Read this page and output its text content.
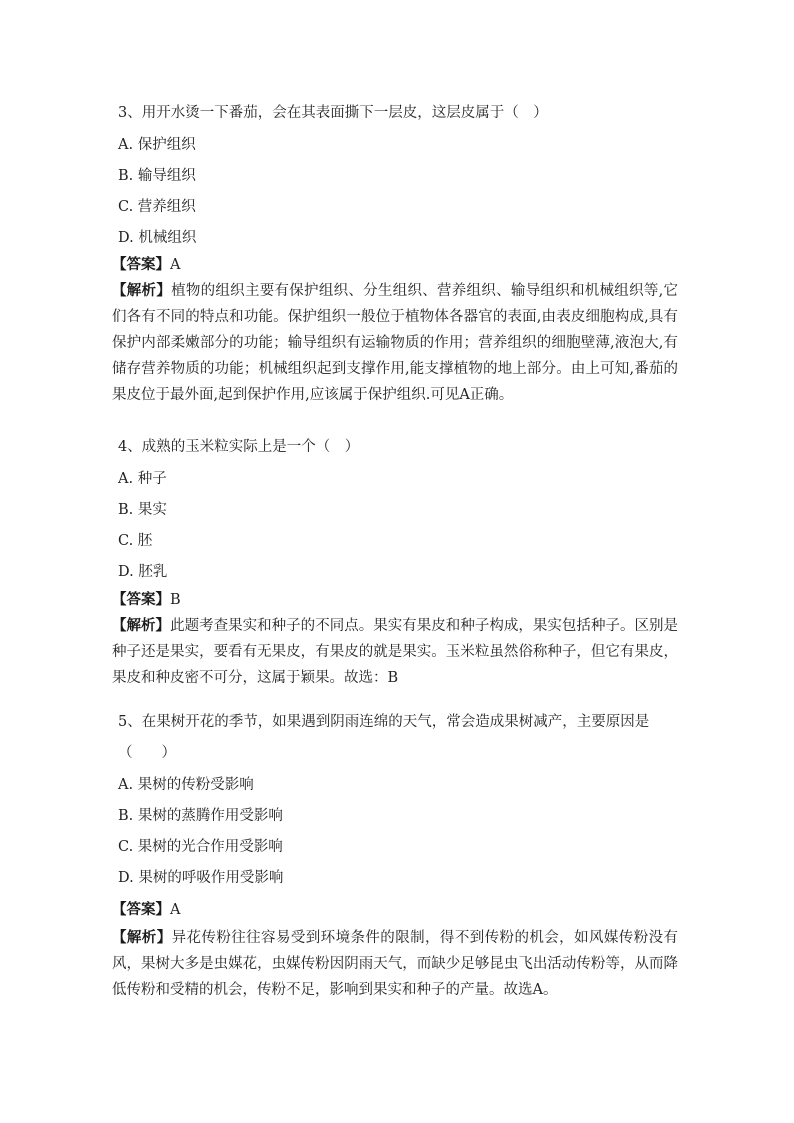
3、用开水烫一下番茄，会在其表面撕下一层皮，这层皮属于（　）
A. 保护组织
B. 输导组织
C. 营养组织
D. 机械组织
【答案】A
【解析】植物的组织主要有保护组织、分生组织、营养组织、输导组织和机械组织等,它们各有不同的特点和功能。保护组织一般位于植物体各器官的表面,由表皮细胞构成,具有保护内部柔嫩部分的功能；输导组织有运输物质的作用；营养组织的细胞壁薄,液泡大,有储存营养物质的功能；机械组织起到支撑作用,能支撑植物的地上部分。由上可知,番茄的果皮位于最外面,起到保护作用,应该属于保护组织.可见A正确。
4、成熟的玉米粒实际上是一个（　）
A. 种子
B. 果实
C. 胚
D. 胚乳
【答案】B
【解析】此题考查果实和种子的不同点。果实有果皮和种子构成，果实包括种子。区别是种子还是果实，要看有无果皮，有果皮的就是果实。玉米粒虽然俗称种子，但它有果皮，果皮和种皮密不可分，这属于颖果。故选：B
5、在果树开花的季节，如果遇到阴雨连绵的天气，常会造成果树减产，主要原因是
（　　）
A. 果树的传粉受影响
B. 果树的蒸腾作用受影响
C. 果树的光合作用受影响
D. 果树的呼吸作用受影响
【答案】A
【解析】异花传粉往往容易受到环境条件的限制，得不到传粉的机会，如风媒传粉没有风，果树大多是虫媒花，虫媒传粉因阴雨天气，而缺少足够昆虫飞出活动传粉等，从而降低传粉和受精的机会，传粉不足，影响到果实和种子的产量。故选A。
